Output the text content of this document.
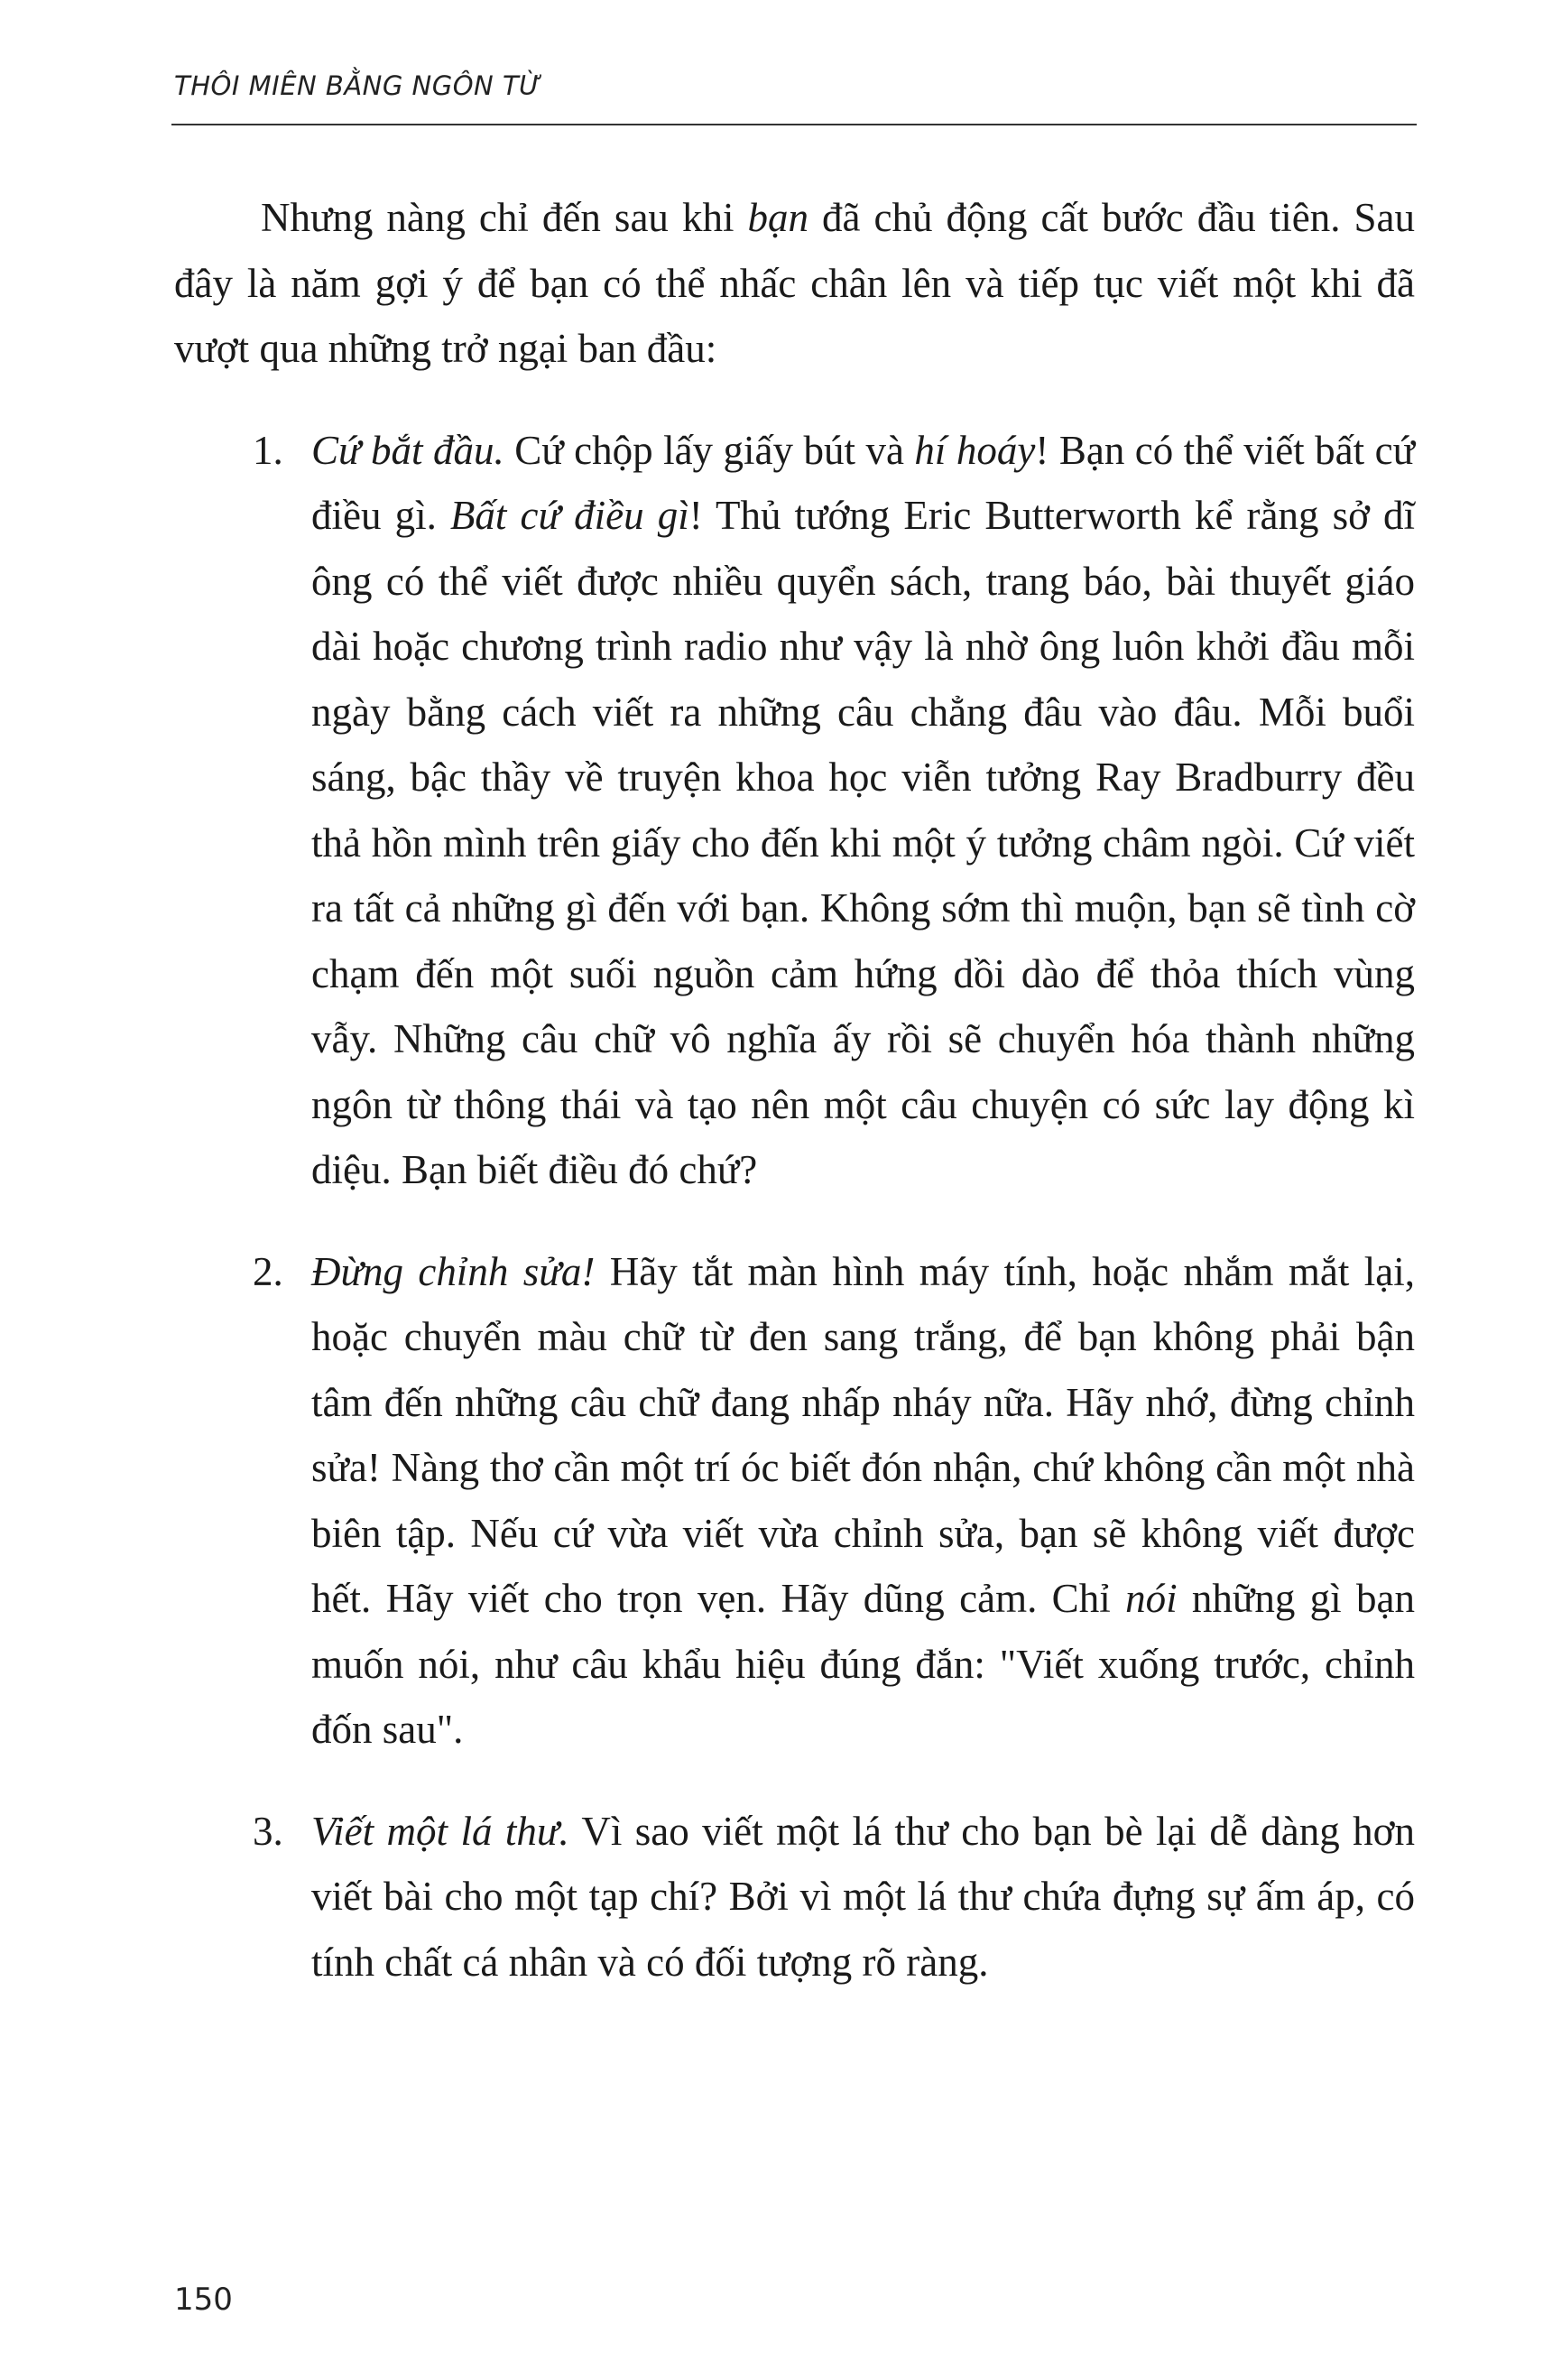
THÔI MIÊN BẰNG NGÔN TỪ

Nhưng nàng chỉ đến sau khi bạn đã chủ động cất bước đầu tiên. Sau đây là năm gợi ý để bạn có thể nhấc chân lên và tiếp tục viết một khi đã vượt qua những trở ngại ban đầu:

1. Cứ bắt đầu. Cứ chộp lấy giấy bút và hí hoáy! Bạn có thể viết bất cứ điều gì. Bất cứ điều gì! Thủ tướng Eric Butterworth kể rằng sở dĩ ông có thể viết được nhiều quyển sách, trang báo, bài thuyết giáo dài hoặc chương trình radio như vậy là nhờ ông luôn khởi đầu mỗi ngày bằng cách viết ra những câu chẳng đâu vào đâu. Mỗi buổi sáng, bậc thầy về truyện khoa học viễn tưởng Ray Bradburry đều thả hồn mình trên giấy cho đến khi một ý tưởng châm ngòi. Cứ viết ra tất cả những gì đến với bạn. Không sớm thì muộn, bạn sẽ tình cờ chạm đến một suối nguồn cảm hứng dồi dào để thỏa thích vùng vẫy. Những câu chữ vô nghĩa ấy rồi sẽ chuyển hóa thành những ngôn từ thông thái và tạo nên một câu chuyện có sức lay động kì diệu. Bạn biết điều đó chứ?
2. Đừng chỉnh sửa! Hãy tắt màn hình máy tính, hoặc nhắm mắt lại, hoặc chuyển màu chữ từ đen sang trắng, để bạn không phải bận tâm đến những câu chữ đang nhấp nháy nữa. Hãy nhớ, đừng chỉnh sửa! Nàng thơ cần một trí óc biết đón nhận, chứ không cần một nhà biên tập. Nếu cứ vừa viết vừa chỉnh sửa, bạn sẽ không viết được hết. Hãy viết cho trọn vẹn. Hãy dũng cảm. Chỉ nói những gì bạn muốn nói, như câu khẩu hiệu đúng đắn: "Viết xuống trước, chỉnh đốn sau".
3. Viết một lá thư. Vì sao viết một lá thư cho bạn bè lại dễ dàng hơn viết bài cho một tạp chí? Bởi vì một lá thư chứa đựng sự ấm áp, có tính chất cá nhân và có đối tượng rõ ràng.
150
